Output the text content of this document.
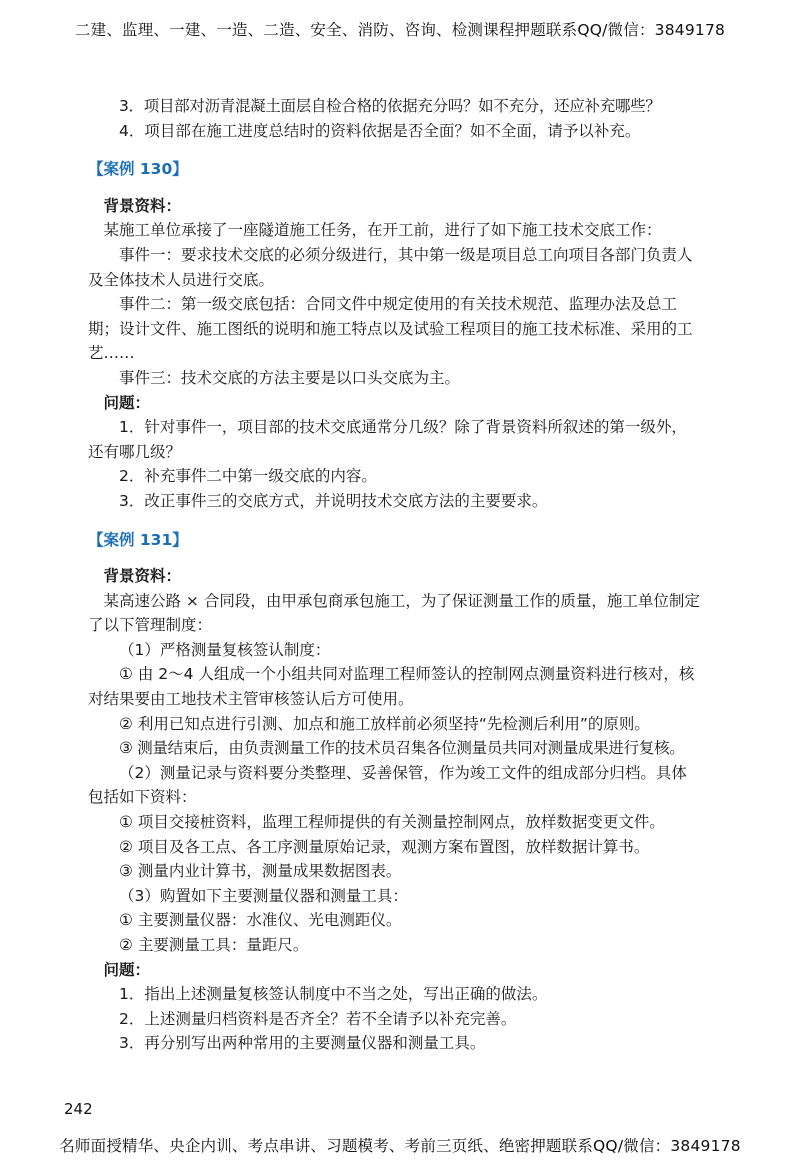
二建、监理、一建、一造、二造、安全、消防、咨询、检测课程押题联系QQ/微信：3849178

3．项目部对沥青混凝土面层自检合格的依据充分吗？如不充分，还应补充哪些？

4．项目部在施工进度总结时的资料依据是否全面？如不全面，请予以补充。

【案例 130】

背景资料：

某施工单位承接了一座隧道施工任务，在开工前，进行了如下施工技术交底工作：

事件一：要求技术交底的必须分级进行，其中第一级是项目总工向项目各部门负责人及全体技术人员进行交底。

事件二：第一级交底包括：合同文件中规定使用的有关技术规范、监理办法及总工期；设计文件、施工图纸的说明和施工特点以及试验工程项目的施工技术标准、采用的工艺……

事件三：技术交底的方法主要是以口头交底为主。

问题：

1．针对事件一，项目部的技术交底通常分几级？除了背景资料所叙述的第一级外，还有哪几级？

2．补充事件二中第一级交底的内容。

3．改正事件三的交底方式，并说明技术交底方法的主要要求。

【案例 131】

背景资料：

某高速公路 × 合同段，由甲承包商承包施工，为了保证测量工作的质量，施工单位制定了以下管理制度：

（1）严格测量复核签认制度：

① 由 2～4 人组成一个小组共同对监理工程师签认的控制网点测量资料进行核对，核对结果要由工地技术主管审核签认后方可使用。

② 利用已知点进行引测、加点和施工放样前必须坚持“先检测后利用”的原则。

③ 测量结束后，由负责测量工作的技术员召集各位测量员共同对测量成果进行复核。

（2）测量记录与资料要分类整理、妥善保管，作为竣工文件的组成部分归档。具体包括如下资料：

① 项目交接桩资料，监理工程师提供的有关测量控制网点，放样数据变更文件。

② 项目及各工点、各工序测量原始记录，观测方案布置图，放样数据计算书。

③ 测量内业计算书，测量成果数据图表。

（3）购置如下主要测量仪器和测量工具：

① 主要测量仪器：水准仪、光电测距仪。

② 主要测量工具：量距尺。

问题：

1．指出上述测量复核签认制度中不当之处，写出正确的做法。

2．上述测量归档资料是否齐全？若不全请予以补充完善。

3．再分别写出两种常用的主要测量仪器和测量工具。

242
名师面授精华、央企内训、考点串讲、习题模考、考前三页纸、绝密押题联系QQ/微信：3849178
